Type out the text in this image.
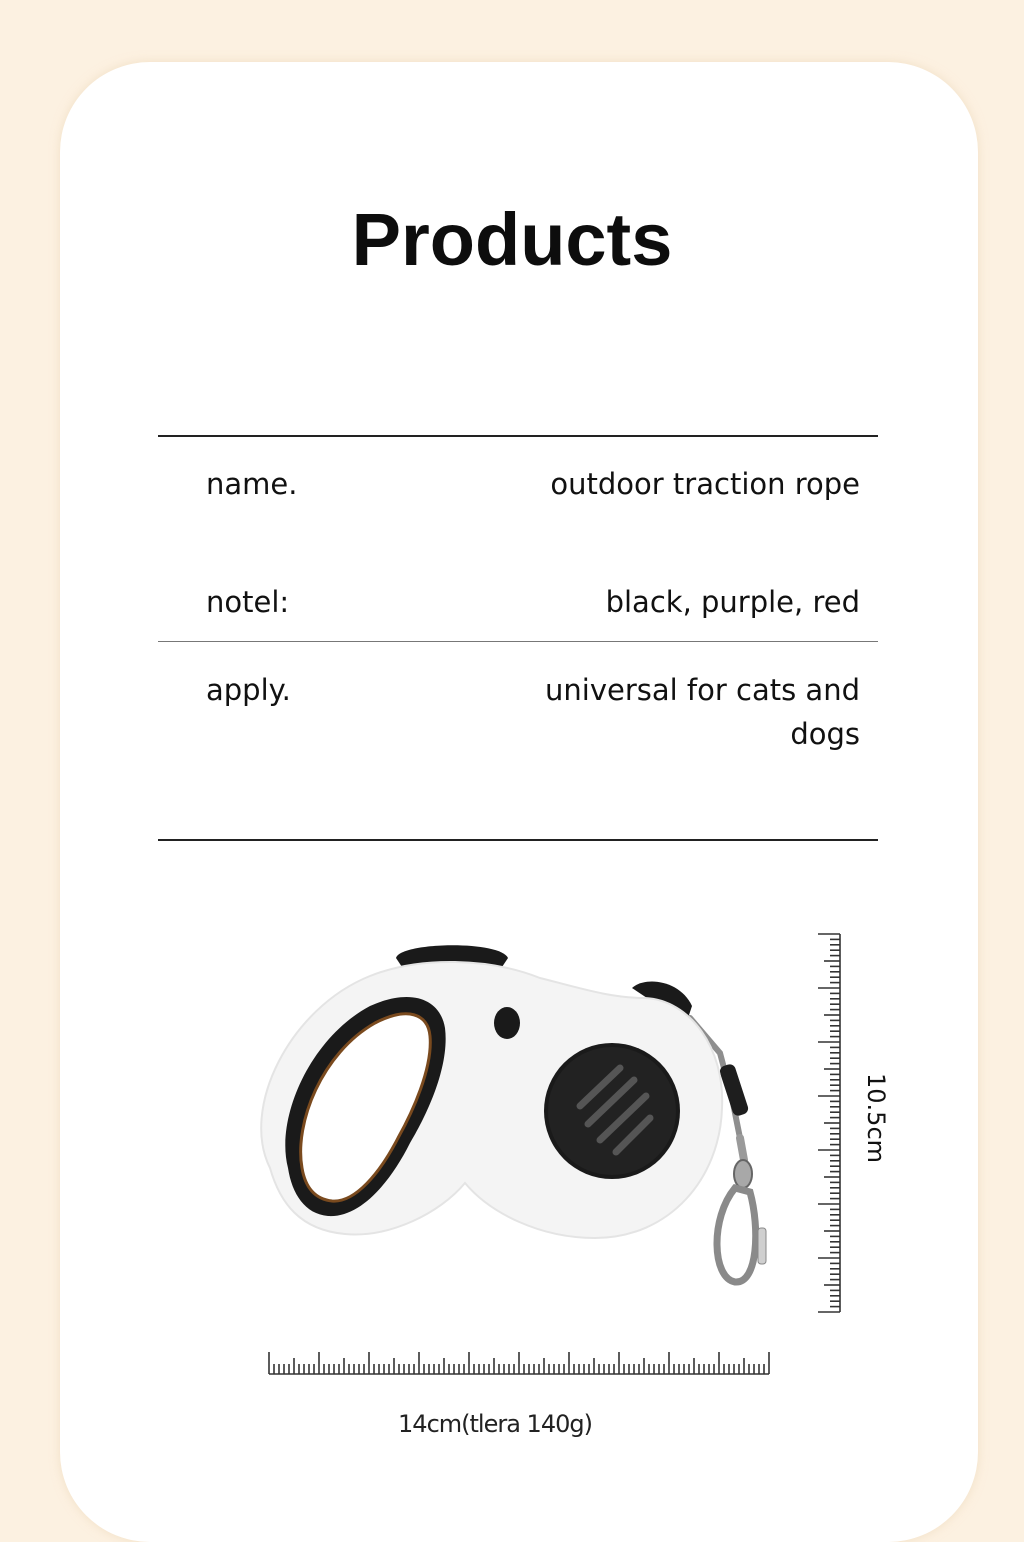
Products
name.	outdoor traction rope
notel:	black, purple, red
apply.	universal for cats and dogs
10.5cm
14cm(tlera 140g)
